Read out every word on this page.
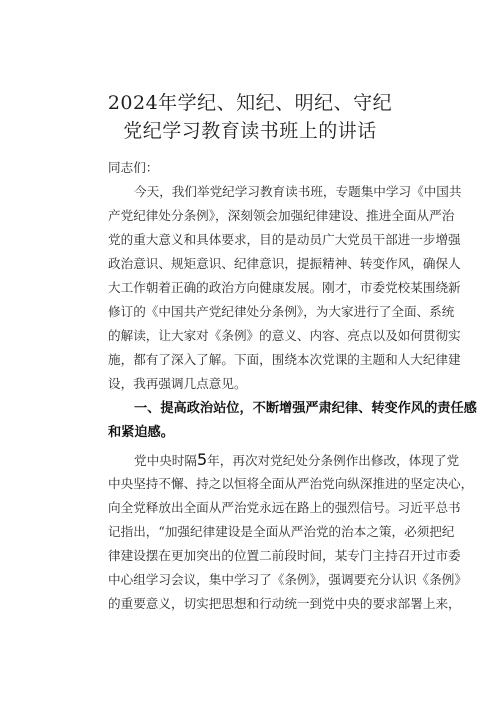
2024年学纪、知纪、明纪、守纪
党纪学习教育读书班上的讲话
同志们：
今天，我们举党纪学习教育读书班，专题集中学习《中国共
产党纪律处分条例》，深刻领会加强纪律建设、推进全面从严治
党的重大意义和具体要求，目的是动员广大党员干部进一步增强
政治意识、规矩意识、纪律意识，提振精神、转变作风，确保人
大工作朝着正确的政治方向健康发展。刚才，市委党校某围绕新
修订的《中国共产党纪律处分条例》，为大家进行了全面、系统
的解读，让大家对《条例》的意义、内容、亮点以及如何贯彻实
施，都有了深入了解。下面，围绕本次党课的主题和人大纪律建
设，我再强调几点意见。
一、提高政治站位，不断增强严肃纪律、转变作风的责任感
和紧迫感。
党中央时隔5年，再次对党纪处分条例作出修改，体现了党
中央坚持不懈、持之以恒将全面从严治党向纵深推进的坚定决心，
向全党释放出全面从严治党永远在路上的强烈信号。习近平总书
记指出，“加强纪律建设是全面从严治党的治本之策，必须把纪
律建设摆在更加突出的位置二前段时间，某专门主持召开过市委
中心组学习会议，集中学习了《条例》，强调要充分认识《条例》
的重要意义，切实把思想和行动统一到党中央的要求部署上来，
